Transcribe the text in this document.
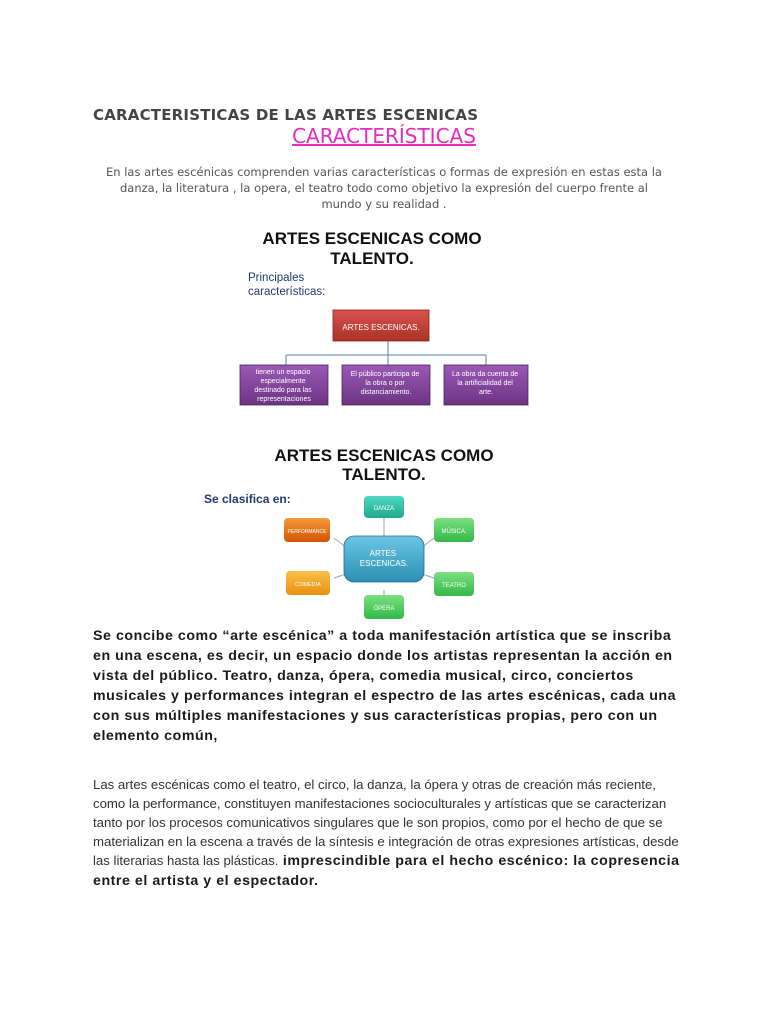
CARACTERISTICAS DE LAS ARTES ESCENICAS
CARACTERÍSTICAS
En las artes escénicas comprenden varias características o formas de expresión en estas esta la danza, la literatura , la opera, el teatro todo como objetivo la expresión del cuerpo frente al mundo y su realidad .
ARTES ESCENICAS COMO
TALENTO.
Principales
características:
ARTES ESCENICAS.
tienen un espacio especialmente destinado para las representaciones
El público participa de la obra o por distanciamiento.
La obra da cuenta de la artificialidad del arte.
ARTES ESCENICAS COMO
TALENTO.
Se clasifica en:
ARTES ESCENICAS.
DANZA
MÚSICA.
TEATRO
ÓPERA
COMEDIA
PERFORMANCE
Se concibe como “arte escénica” a toda manifestación artística que se inscriba en una escena, es decir, un espacio donde los artistas representan la acción en vista del público. Teatro, danza, ópera, comedia musical, circo, conciertos musicales y performances integran el espectro de las artes escénicas, cada una con sus múltiples manifestaciones y sus características propias, pero con un elemento común,
Las artes escénicas como el teatro, el circo, la danza, la ópera y otras de creación más reciente, como la performance, constituyen manifestaciones socioculturales y artísticas que se caracterizan tanto por los procesos comunicativos singulares que le son propios, como por el hecho de que se materializan en la escena a través de la síntesis e integración de otras expresiones artísticas, desde las literarias hasta las plásticas. imprescindible para el hecho escénico: la copresencia entre el artista y el espectador.
